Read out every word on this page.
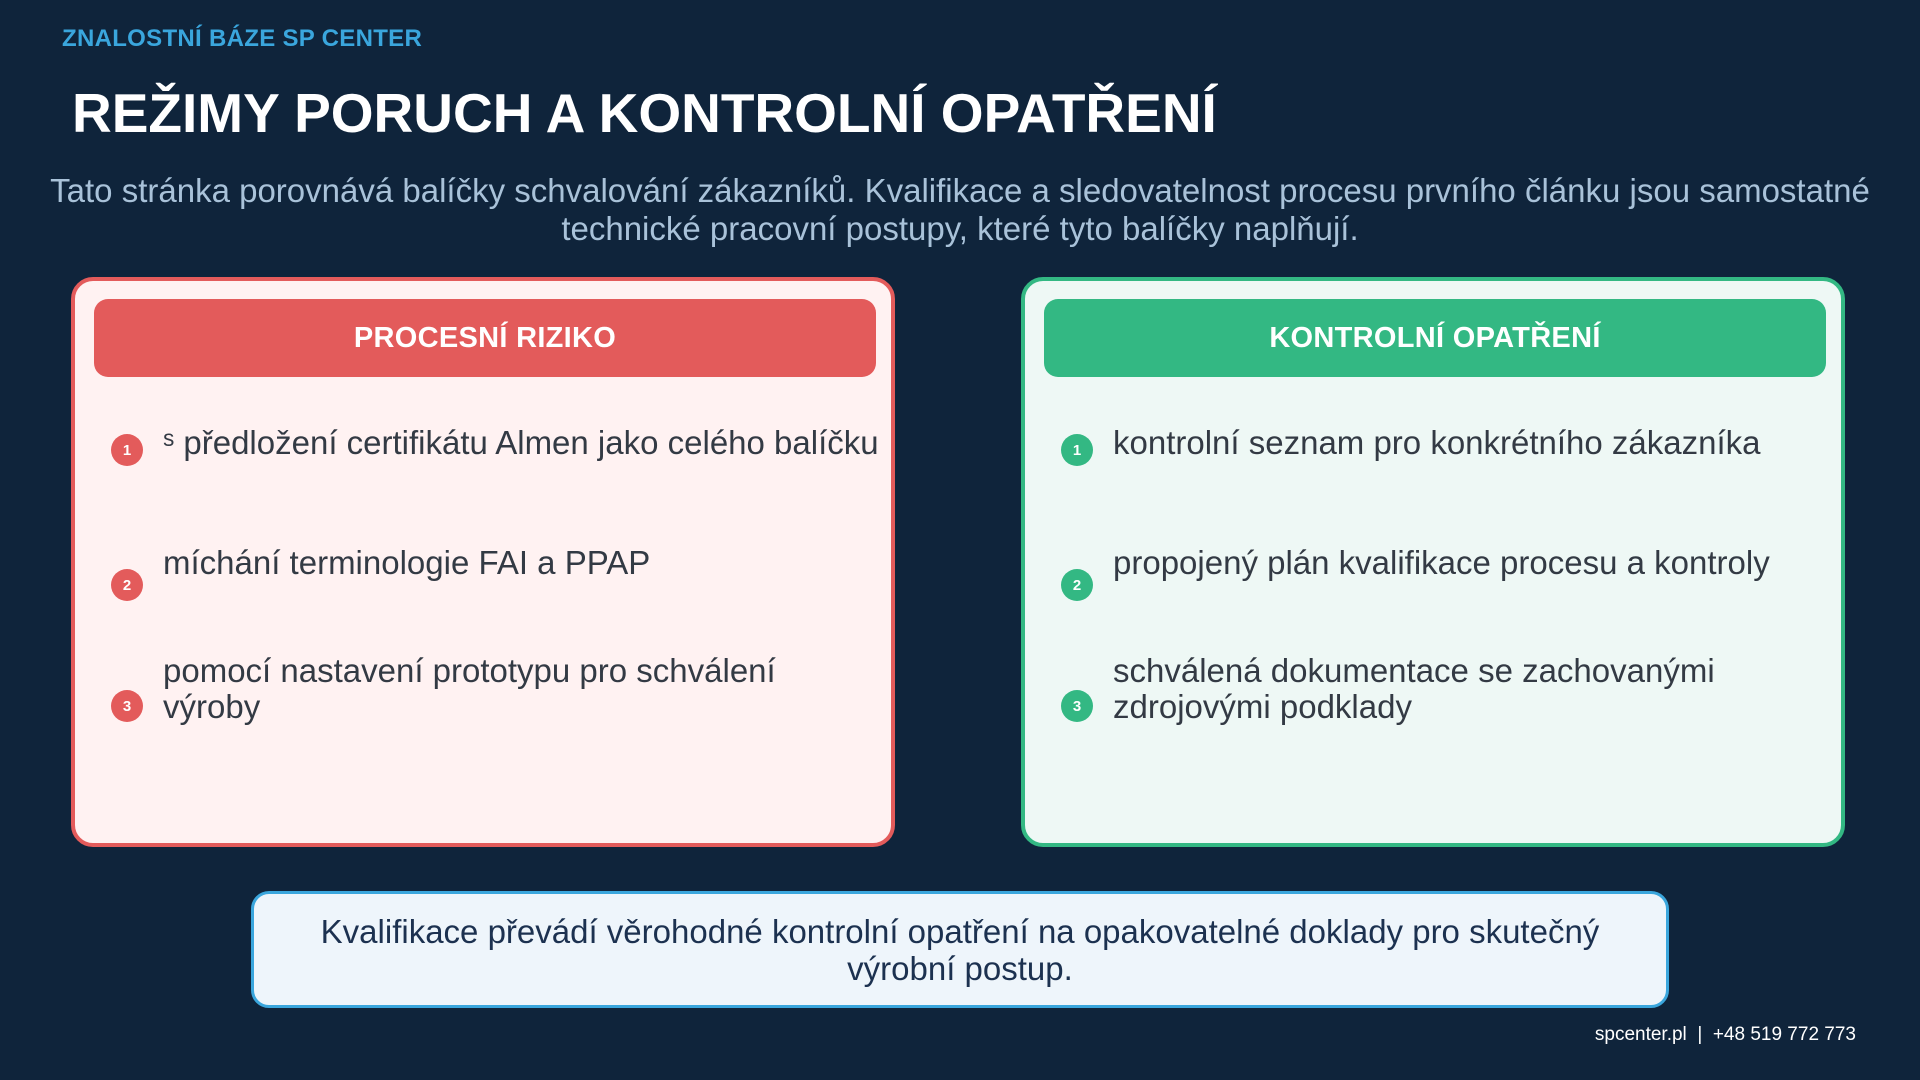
ZNALOSTNÍ BÁZE SP CENTER
REŽIMY PORUCH A KONTROLNÍ OPATŘENÍ
Tato stránka porovnává balíčky schvalování zákazníků. Kvalifikace a sledovatelnost procesu prvního článku jsou samostatné technické pracovní postupy, které tyto balíčky naplňují.
PROCESNÍ RIZIKO
1 ˢ předložení certifikátu Almen jako celého balíčku
2
míchání terminologie FAI a PPAP
3
pomocí nastavení prototypu pro schválení výroby
KONTROLNÍ OPATŘENÍ
1 kontrolní seznam pro konkrétního zákazníka
2
propojený plán kvalifikace procesu a kontroly
3
schválená dokumentace se zachovanými zdrojovými podklady
Kvalifikace převádí věrohodné kontrolní opatření na opakovatelné doklady pro skutečný výrobní postup.
spcenter.pl  |  +48 519 772 773
